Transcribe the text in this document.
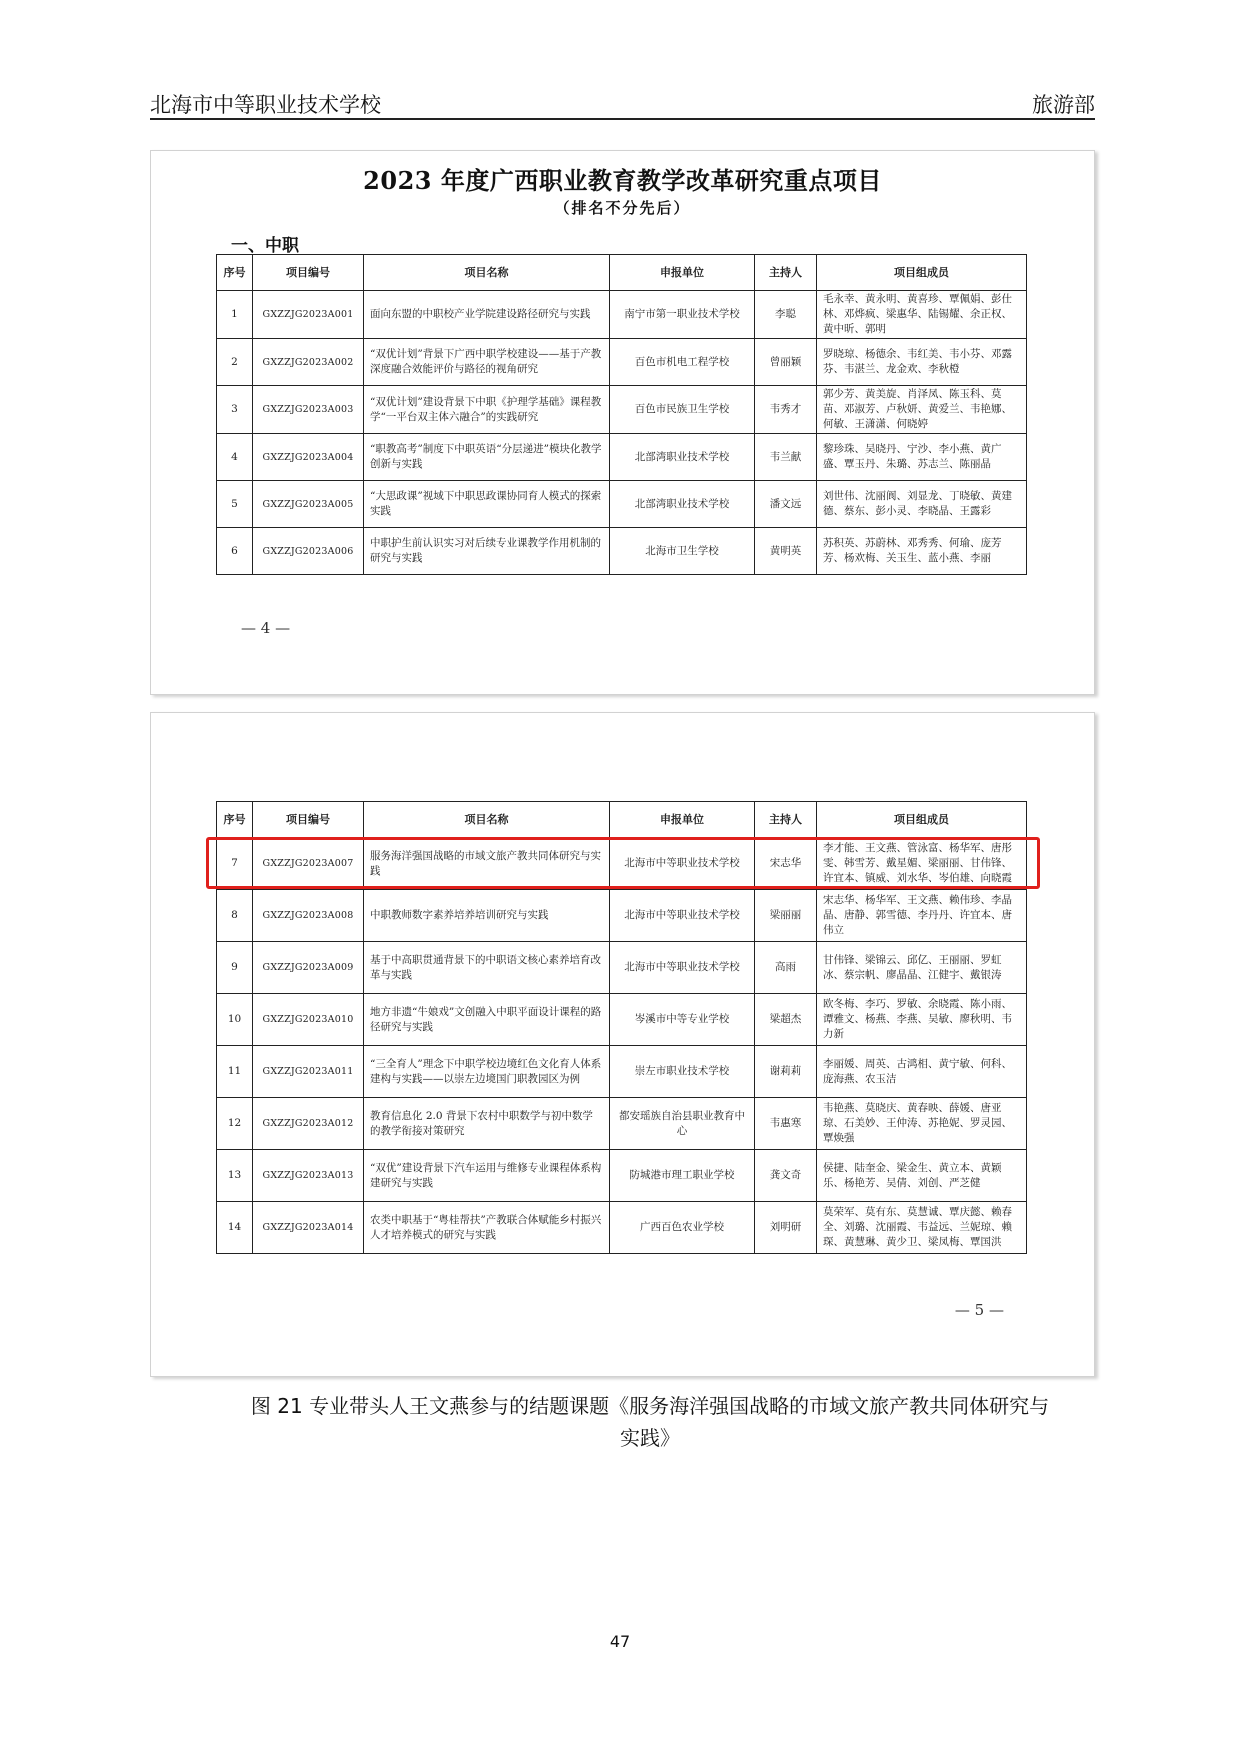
北海市中等职业技术学校	旅游部
2023 年度广西职业教育教学改革研究重点项目
（排名不分先后）
一、中职
序号	项目编号	项目名称	申报单位	主持人	项目组成员
1	GXZZJG2023A001	面向东盟的中职校产业学院建设路径研究与实践	南宁市第一职业技术学校	李聪	毛永幸、黄永明、黄喜珍、覃佩娟、彭仕林、邓烨疯、梁惠华、陆锡耀、余正权、黄中昕、郭明
2	GXZZJG2023A002	“双优计划”背景下广西中职学校建设——基于产教深度融合效能评价与路径的视角研究	百色市机电工程学校	曾丽颖	罗晓琼、杨德余、韦红美、韦小芬、邓露芬、韦湛兰、龙金欢、李秋橙
3	GXZZJG2023A003	“双优计划”建设背景下中职《护理学基础》课程教学“一平台双主体六融合”的实践研究	百色市民族卫生学校	韦秀才	郭少芳、黄美旋、肖泽凤、陈玉科、莫苗、邓淑芳、卢秋妍、黄爱兰、韦艳娜、何敏、王潇潇、何晓婷
4	GXZZJG2023A004	“职教高考”制度下中职英语“分层递进”模块化教学创新与实践	北部湾职业技术学校	韦兰献	黎珍珠、吴晓丹、宁沙、李小燕、黄广盛、覃玉丹、朱璐、苏志兰、陈丽晶
5	GXZZJG2023A005	“大思政课”视域下中职思政课协同育人模式的探索实践	北部湾职业技术学校	潘文远	刘世伟、沈丽阆、刘显龙、丁晓敏、黄建德、蔡东、彭小灵、李晓晶、王露彩
6	GXZZJG2023A006	中职护生前认识实习对后续专业课教学作用机制的研究与实践	北海市卫生学校	黄明英	苏积英、苏蔚林、邓秀秀、何瑜、庞芳芳、杨欢梅、关玉生、蓝小燕、李丽
— 4 —
序号	项目编号	项目名称	申报单位	主持人	项目组成员
7	GXZZJG2023A007	服务海洋强国战略的市域文旅产教共同体研究与实践	北海市中等职业技术学校	宋志华	李才能、王文燕、管泳富、杨华军、唐彤雯、韩雪芳、戴星媚、梁丽丽、甘伟锋、许宜本、镇威、刘水华、岑伯雄、向晓霞
8	GXZZJG2023A008	中职教师数字素养培养培训研究与实践	北海市中等职业技术学校	梁丽丽	宋志华、杨华军、王文燕、赖伟珍、李晶晶、唐静、郭雪德、李丹丹、许宜本、唐伟立
9	GXZZJG2023A009	基于中高职贯通背景下的中职语文核心素养培育改革与实践	北海市中等职业技术学校	高雨	甘伟锋、梁锦云、邱亿、王丽丽、罗虹冰、蔡宗帆、廖晶晶、江健宇、戴银涛
10	GXZZJG2023A010	地方非遗“牛娘戏”文创融入中职平面设计课程的路径研究与实践	岑溪市中等专业学校	梁超杰	欧冬梅、李巧、罗敏、余晓霞、陈小雨、谭雅文、杨燕、李燕、吴敏、廖秋明、韦力新
11	GXZZJG2023A011	“三全育人”理念下中职学校边境红色文化育人体系建构与实践——以崇左边境国门职教园区为例	崇左市职业技术学校	谢莉莉	李丽媛、周英、古鸿相、黄宁敏、何科、庞海燕、农玉洁
12	GXZZJG2023A012	教育信息化 2.0 背景下农村中职数学与初中数学的教学衔接对策研究	都安瑶族自治县职业教育中心	韦惠寒	韦艳燕、莫晓庆、黄春映、薛媛、唐亚琼、石美妙、王仲涛、苏艳妮、罗灵园、覃焕强
13	GXZZJG2023A013	“双优”建设背景下汽车运用与维修专业课程体系构建研究与实践	防城港市理工职业学校	龚文奇	侯捷、陆奎金、梁金生、黄立本、黄颖乐、杨艳芳、吴倩、刘创、严芝健
14	GXZZJG2023A014	农类中职基于“粤桂帮扶”产教联合体赋能乡村振兴人才培养模式的研究与实践	广西百色农业学校	刘明研	莫荣军、莫有东、莫慧诚、覃庆懿、赖春全、刘璐、沈丽霞、韦益远、兰妮琼、赖琛、黄慧琳、黄少卫、梁凤梅、覃国洪
— 5 —
图 21 专业带头人王文燕参与的结题课题《服务海洋强国战略的市域文旅产教共同体研究与
实践》
47
